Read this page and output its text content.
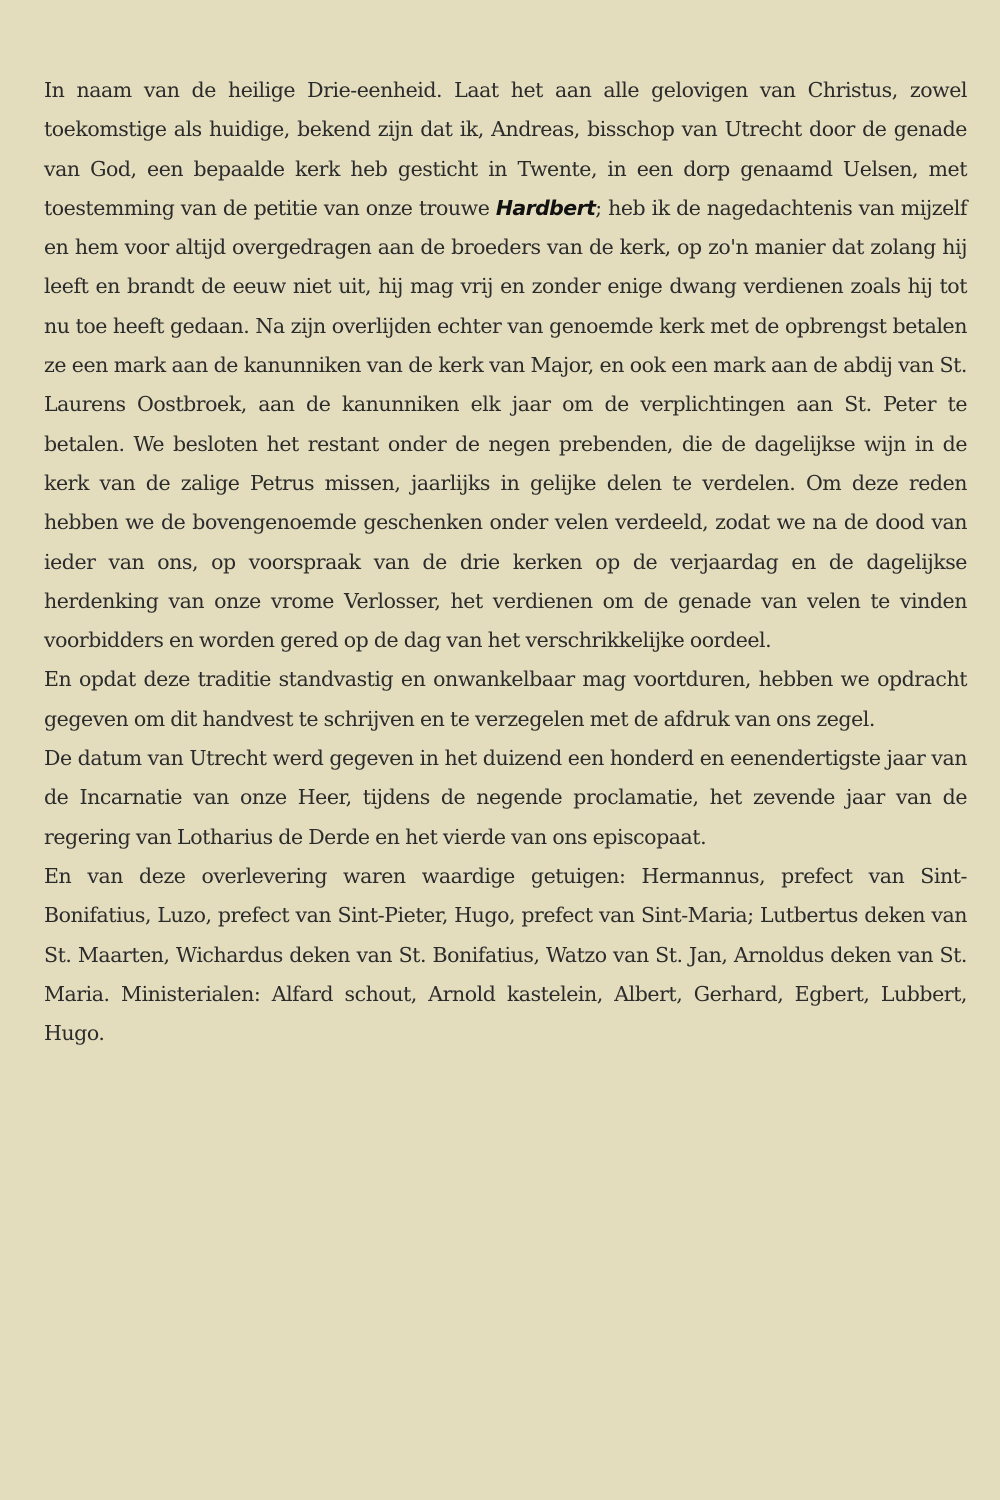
In naam van de heilige Drie-eenheid. Laat het aan alle gelovigen van Christus, zowel toekomstige als huidige, bekend zijn dat ik, Andreas, bisschop van Utrecht door de genade van God, een bepaalde kerk heb gesticht in Twente, in een dorp genaamd Uelsen, met toestemming van de petitie van onze trouwe Hardbert; heb ik de nagedachtenis van mijzelf en hem voor altijd overgedragen aan de broeders van de kerk, op zo'n manier dat zolang hij leeft en brandt de eeuw niet uit, hij mag vrij en zonder enige dwang verdienen zoals hij tot nu toe heeft gedaan. Na zijn overlijden echter van genoemde kerk met de opbrengst betalen ze een mark aan de kanunniken van de kerk van Major, en ook een mark aan de abdij van St. Laurens Oostbroek, aan de kanunniken elk jaar om de verplichtingen aan St. Peter te betalen. We besloten het restant onder de negen prebenden, die de dagelijkse wijn in de kerk van de zalige Petrus missen, jaarlijks in gelijke delen te verdelen. Om deze reden hebben we de bovengenoemde geschenken onder velen verdeeld, zodat we na de dood van ieder van ons, op voorspraak van de drie kerken op de verjaardag en de dagelijkse herdenking van onze vrome Verlosser, het verdienen om de genade van velen te vinden voorbidders en worden gered op de dag van het verschrikkelijke oordeel.

En opdat deze traditie standvastig en onwankelbaar mag voortduren, hebben we opdracht gegeven om dit handvest te schrijven en te verzegelen met de afdruk van ons zegel.

De datum van Utrecht werd gegeven in het duizend een honderd en eenendertigste jaar van de Incarnatie van onze Heer, tijdens de negende proclamatie, het zevende jaar van de regering van Lotharius de Derde en het vierde van ons episcopaat.

En van deze overlevering waren waardige getuigen: Hermannus, prefect van Sint-Bonifatius, Luzo, prefect van Sint-Pieter, Hugo, prefect van Sint-Maria; Lutbertus deken van St. Maarten, Wichardus deken van St. Bonifatius, Watzo van St. Jan, Arnoldus deken van St. Maria. Ministerialen: Alfard schout, Arnold kastelein, Albert, Gerhard, Egbert, Lubbert, Hugo.
